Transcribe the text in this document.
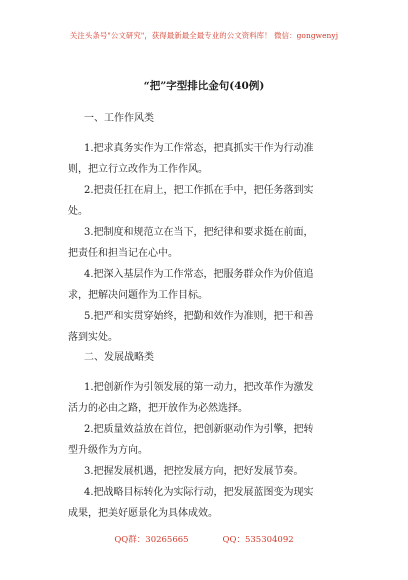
关注头条号"公文研究"，获得最新最全最专业的公文资料库！ 微信：gongwenyj
“把”字型排比金句(40例)
一、工作作风类
1.把求真务实作为工作常态，把真抓实干作为行动准
则，把立行立改作为工作作风。
2.把责任扛在肩上，把工作抓在手中，把任务落到实
处。
3.把制度和规范立在当下，把纪律和要求挺在前面，
把责任和担当记在心中。
4.把深入基层作为工作常态，把服务群众作为价值追
求，把解决问题作为工作目标。
5.把严和实贯穿始终，把勤和效作为准则，把干和善
落到实处。
二、发展战略类
1.把创新作为引领发展的第一动力，把改革作为激发
活力的必由之路，把开放作为必然选择。
2.把质量效益放在首位，把创新驱动作为引擎，把转
型升级作为方向。
3.把握发展机遇，把控发展方向，把好发展节奏。
4.把战略目标转化为实际行动，把发展蓝图变为现实
成果，把美好愿景化为具体成效。
QQ群：30265665	QQ：535304092
